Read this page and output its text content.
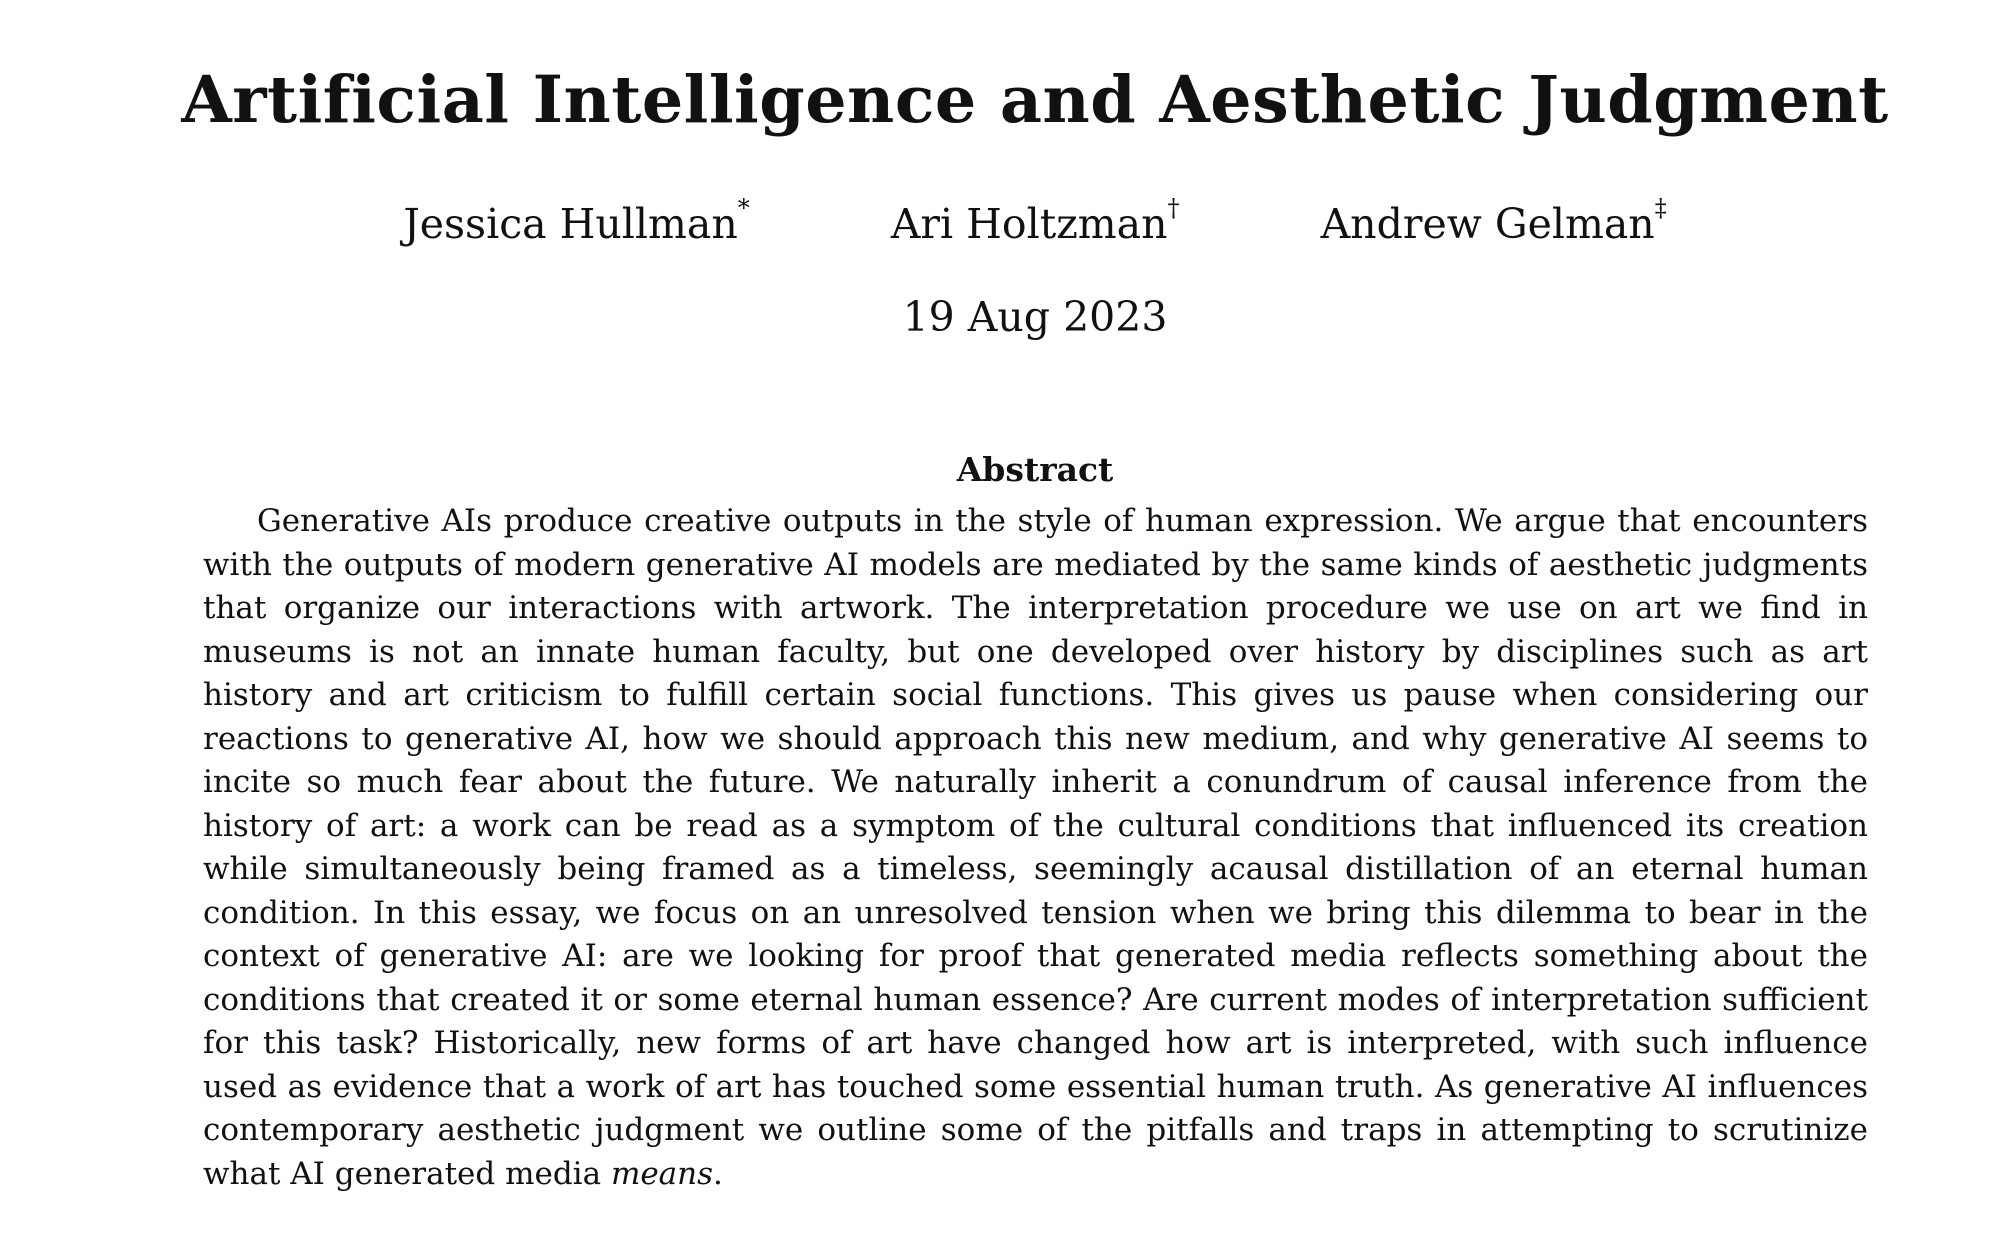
Artificial Intelligence and Aesthetic Judgment
Jessica Hullman*	Ari Holtzman†	Andrew Gelman‡
19 Aug 2023
Abstract

Generative AIs produce creative outputs in the style of human expression. We argue that encounters with the outputs of modern generative AI models are mediated by the same kinds of aesthetic judgments that organize our interactions with artwork. The interpretation procedure we use on art we find in museums is not an innate human faculty, but one developed over history by disciplines such as art history and art criticism to fulfill certain social functions. This gives us pause when considering our reactions to generative AI, how we should approach this new medium, and why generative AI seems to incite so much fear about the future. We naturally inherit a conundrum of causal inference from the history of art: a work can be read as a symptom of the cultural conditions that influenced its creation while simultaneously being framed as a timeless, seemingly acausal distillation of an eternal human condition. In this essay, we focus on an unresolved tension when we bring this dilemma to bear in the context of generative AI: are we looking for proof that generated media reflects something about the conditions that created it or some eternal human essence? Are current modes of interpretation sufficient for this task? Historically, new forms of art have changed how art is interpreted, with such influence used as evidence that a work of art has touched some essential human truth. As generative AI influences contemporary aesthetic judgment we outline some of the pitfalls and traps in attempting to scrutinize what AI generated media means.
